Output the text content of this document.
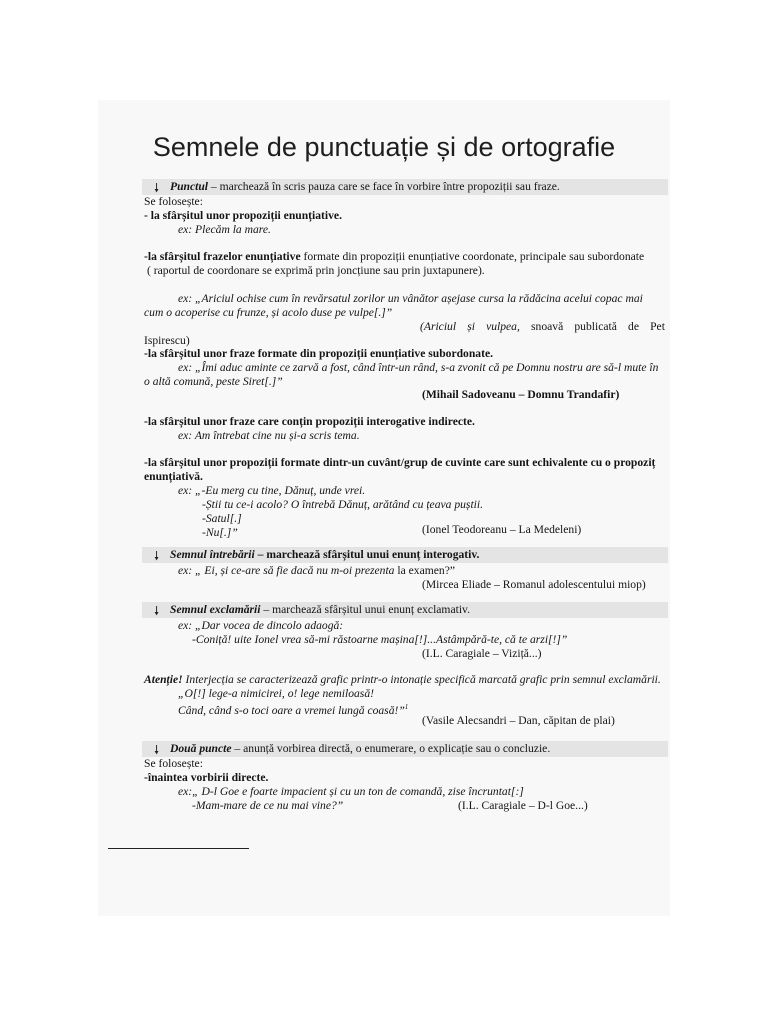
Semnele de punctuație și de ortografie
🠗 Punctul – marchează în scris pauza care se face în vorbire între propoziții sau fraze.
Se folosește:
- la sfârșitul unor propoziții enunțiative.
ex: Plecăm la mare.
-la sfârșitul frazelor enunțiative formate din propoziții enunțiative coordonate, principale sau subordonate
( raportul de coordonare se exprimă prin joncțiune sau prin juxtapunere).
ex: „Ariciul ochise cum în revărsatul zorilor un vânător așejase cursa la rădăcina acelui copac mai
cum o acoperise cu frunze, și acolo duse pe vulpe[.]”
(Ariciul și vulpea, snoavă publicată de Pet
Ispirescu)
-la sfârșitul unor fraze formate din propoziții enunțiative subordonate.
ex: „Îmi aduc aminte ce zarvă a fost, când într-un rând, s-a zvonit că pe Domnu nostru are să-l mute în
o altă comună, peste Siret[.]”
(Mihail Sadoveanu – Domnu Trandafir)
-la sfârșitul unor fraze care conțin propoziții interogative indirecte.
ex: Am întrebat cine nu și-a scris tema.
-la sfârșitul unor propoziții formate dintr-un cuvânt/grup de cuvinte care sunt echivalente cu o propoziț
enunțiativă.
ex: „-Eu merg cu tine, Dănuț, unde vrei.
-Știi tu ce-i acolo? O întrebă Dănuț, arătând cu țeava puștii.
-Satul[.]
-Nu[.]”	(Ionel Teodoreanu – La Medeleni)
🠗 Semnul întrebării – marchează sfârșitul unui enunț interogativ.
ex: „ Ei, și ce-are să fie dacă nu m-oi prezenta la examen?”
(Mircea Eliade – Romanul adolescentului miop)
🠗 Semnul exclamării – marchează sfârșitul unui enunț exclamativ.
ex: „Dar vocea de dincolo adaogă:
-Coniță! uite Ionel vrea să-mi răstoarne mașina[!]...Astâmpără-te, că te arzi[!]”
(I.L. Caragiale – Viziță...)
Atenție! Interjecția se caracterizează grafic printr-o intonație specifică marcată grafic prin semnul exclamării.
„O[!] lege-a nimicirei, o! lege nemiloasă!
Când, când s-o toci oare a vremei lungă coasă!”$^1$
(Vasile Alecsandri – Dan, căpitan de plai)
🠗 Două puncte – anunță vorbirea directă, o enumerare, o explicație sau o concluzie.
Se folosește:
-înaintea vorbirii directe.
ex:„ D-l Goe e foarte impacient și cu un ton de comandă, zise încruntat[:]
-Mam-mare de ce nu mai vine?”	(I.L. Caragiale – D-l Goe...)
